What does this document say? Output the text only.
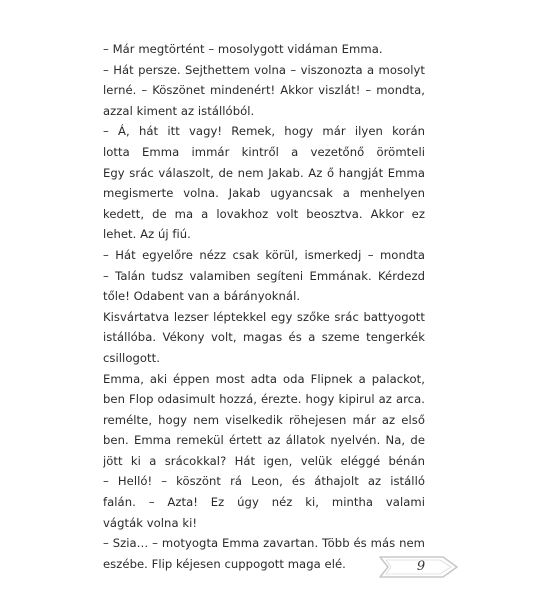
– Már megtörtént – mosolygott vidáman Emma.
– Hát persze. Sejthettem volna – viszonozta a mosolyt
lerné. – Köszönet mindenért! Akkor viszlát! – mondta,
azzal kiment az istállóból.
– Á, hát itt vagy! Remek, hogy már ilyen korán
lotta Emma immár kintről a vezetőnő örömteli
Egy srác válaszolt, de nem Jakab. Az ő hangját Emma
megismerte volna. Jakab ugyancsak a menhelyen
kedett, de ma a lovakhoz volt beosztva. Akkor ez
lehet. Az új fiú.
– Hát egyelőre nézz csak körül, ismerkedj – mondta
– Talán tudsz valamiben segíteni Emmának. Kérdezd
tőle! Odabent van a bárányoknál.
Kisvártatva lezser léptekkel egy szőke srác battyogott
istállóba. Vékony volt, magas és a szeme tengerkék
csillogott.
Emma, aki éppen most adta oda Flipnek a palackot,
ben Flop odasimult hozzá, érezte. hogy kipirul az arca.
remélte, hogy nem viselkedik röhejesen már az első
ben. Emma remekül értett az állatok nyelvén. Na, de
jött ki a srácokkal? Hát igen, velük eléggé bénán
– Helló! – köszönt rá Leon, és áthajolt az istálló
falán. – Azta! Ez úgy néz ki, mintha valami
vágták volna ki!
– Szia… – motyogta Emma zavartan. Több és más nem
eszébe. Flip kéjesen cuppogott maga elé.	9
